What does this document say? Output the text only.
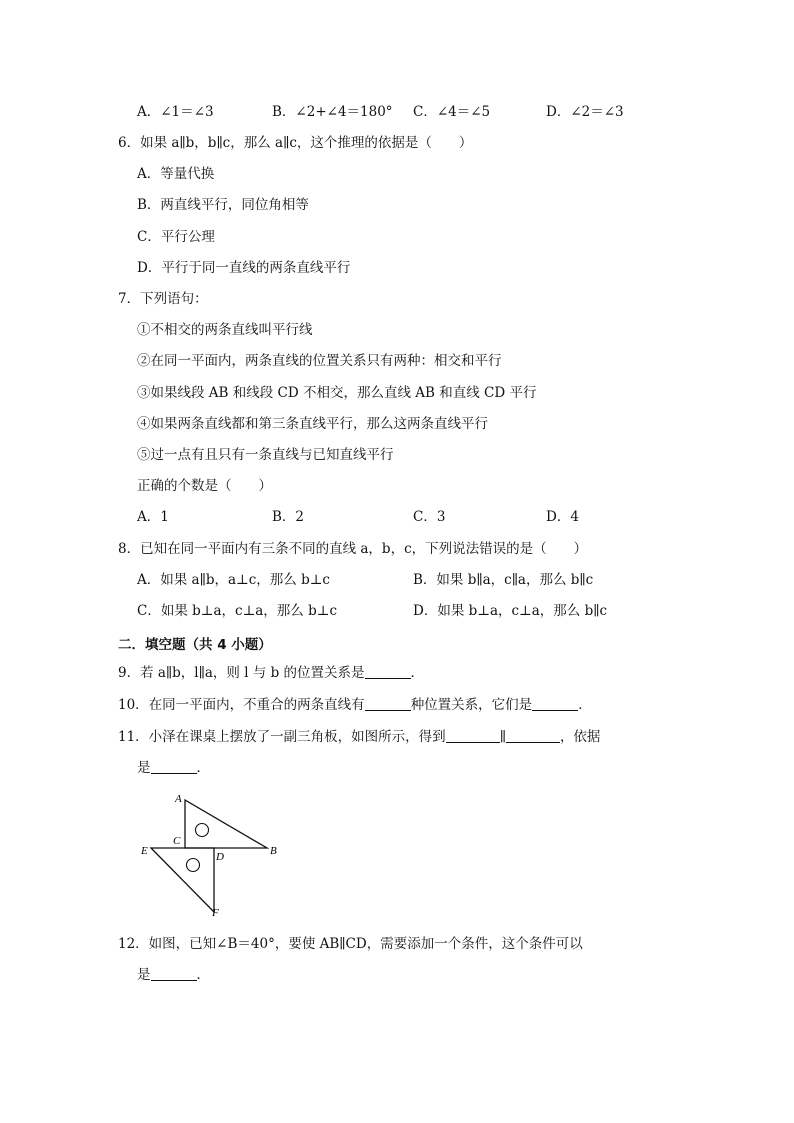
A．∠1＝∠3	B．∠2+∠4＝180° C．∠4＝∠5	D．∠2＝∠3
6．如果 a∥b，b∥c，那么 a∥c，这个推理的依据是（　　）
A．等量代换
B．两直线平行，同位角相等
C．平行公理
D．平行于同一直线的两条直线平行
7．下列语句：
①不相交的两条直线叫平行线
②在同一平面内，两条直线的位置关系只有两种：相交和平行
③如果线段 AB 和线段 CD 不相交，那么直线 AB 和直线 CD 平行
④如果两条直线都和第三条直线平行，那么这两条直线平行
⑤过一点有且只有一条直线与已知直线平行
正确的个数是（　　）
A．1	B．2	C．3	D．4
8．已知在同一平面内有三条不同的直线 a，b，c，下列说法错误的是（　　）
A．如果 a∥b，a⊥c，那么 b⊥c	B．如果 b∥a，c∥a，那么 b∥c
C．如果 b⊥a，c⊥a，那么 b⊥c	D．如果 b⊥a，c⊥a，那么 b∥c
二．填空题（共 4 小题）
9．若 a∥b，l∥a，则 l 与 b 的位置关系是	．
10．在同一平面内，不重合的两条直线有	种位置关系，它们是	．
11．小泽在课桌上摆放了一副三角板，如图所示，得到	∥	，依据
是	．
A
C
B
E	D
F
12．如图，已知∠B＝40°，要使 AB∥CD，需要添加一个条件，这个条件可以
是	．
